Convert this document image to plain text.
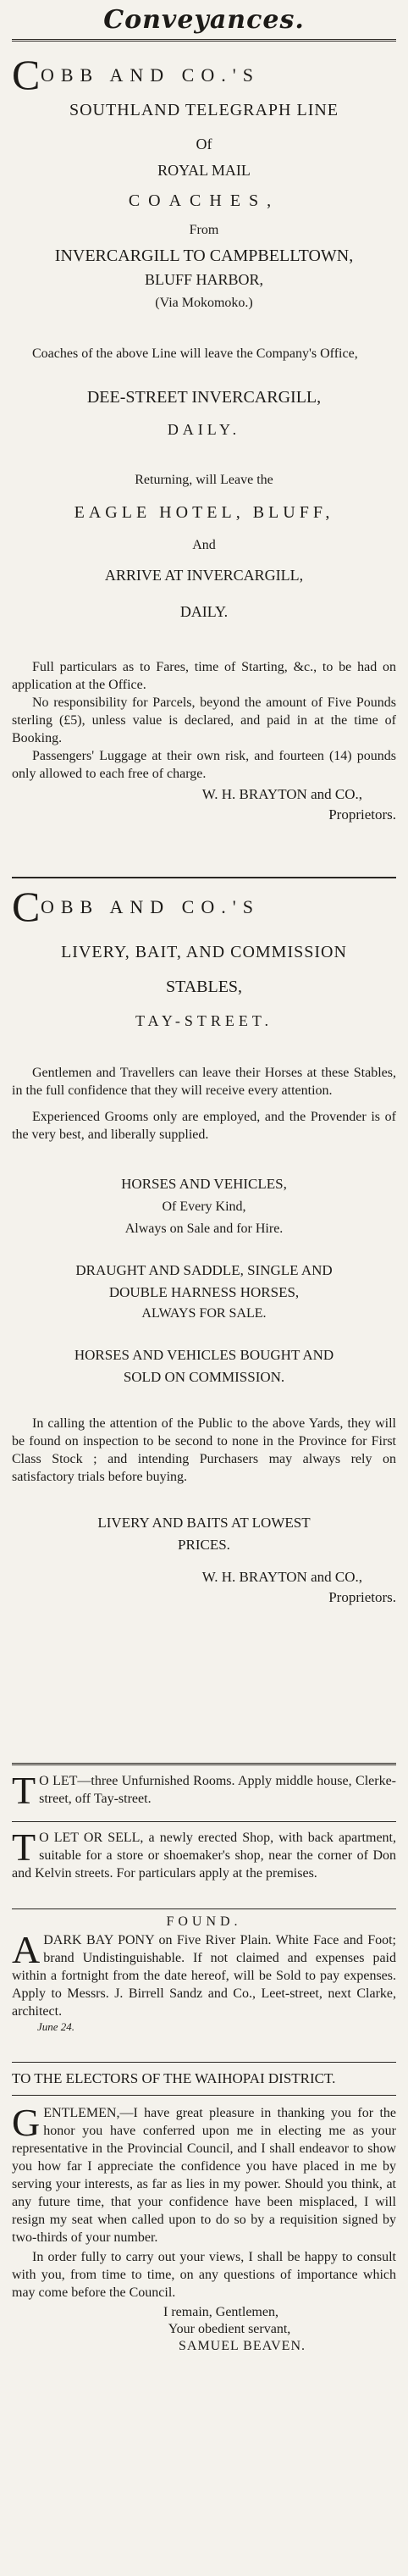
Conveyances.
C OBB AND CO.'S
SOUTHLAND TELEGRAPH LINE
Of
ROYAL MAIL
COACHES,
From
INVERCARGILL TO CAMPBELLTOWN,
BLUFF HARBOR,
(Via Mokomoko.)

Coaches of the above Line will leave the Company's Office,

DEE-STREET INVERCARGILL,
DAILY.
Returning, will Leave the
EAGLE HOTEL, BLUFF,
And
ARRIVE AT INVERCARGILL,
DAILY.

Full particulars as to Fares, time of Starting, &c., to be had on application at the Office.

No responsibility for Parcels, beyond the amount of Five Pounds sterling (£5), unless value is declared, and paid in at the time of Booking.

Passengers' Luggage at their own risk, and fourteen (14) pounds only allowed to each free of charge.

W. H. BRAYTON and CO.,
Proprietors.
C OBB AND CO.'S
LIVERY, BAIT, AND COMMISSION
STABLES,
TAY-STREET.

Gentlemen and Travellers can leave their Horses at these Stables, in the full confidence that they will receive every attention.

Experienced Grooms only are employed, and the Provender is of the very best, and liberally supplied.

HORSES AND VEHICLES,
Of Every Kind,
Always on Sale and for Hire.
DRAUGHT AND SADDLE, SINGLE AND
DOUBLE HARNESS HORSES,
ALWAYS FOR SALE.
HORSES AND VEHICLES BOUGHT AND
SOLD ON COMMISSION.

In calling the attention of the Public to the above Yards, they will be found on inspection to be second to none in the Province for First Class Stock ; and intending Purchasers may always rely on satisfactory trials before buying.

LIVERY AND BAITS AT LOWEST
PRICES.
W. H. BRAYTON and CO.,
Proprietors.

T O LET—three Unfurnished Rooms. Apply middle house, Clerke-street, off Tay-street.

T O LET OR SELL, a newly erected Shop, with back apartment, suitable for a store or shoemaker's shop, near the corner of Don and Kelvin streets. For particulars apply at the premises.

FOUND.

A DARK BAY PONY on Five River Plain. White Face and Foot; brand Undistinguishable. If not claimed and expenses paid within a fortnight from the date hereof, will be Sold to pay expenses. Apply to Messrs. J. Birrell Sandz and Co., Leet-street, next Clarke, architect.

June 24.
TO THE ELECTORS OF THE WAIHOPAI DISTRICT.

G ENTLEMEN,—I have great pleasure in thanking you for the honor you have conferred upon me in electing me as your representative in the Provincial Council, and I shall endeavor to show you how far I appreciate the confidence you have placed in me by serving your interests, as far as lies in my power. Should you think, at any future time, that your confidence have been misplaced, I will resign my seat when called upon to do so by a requisition signed by two-thirds of your number.

In order fully to carry out your views, I shall be happy to consult with you, from time to time, on any questions of importance which may come before the Council.

I remain, Gentlemen,
Your obedient servant,
SAMUEL BEAVEN.
